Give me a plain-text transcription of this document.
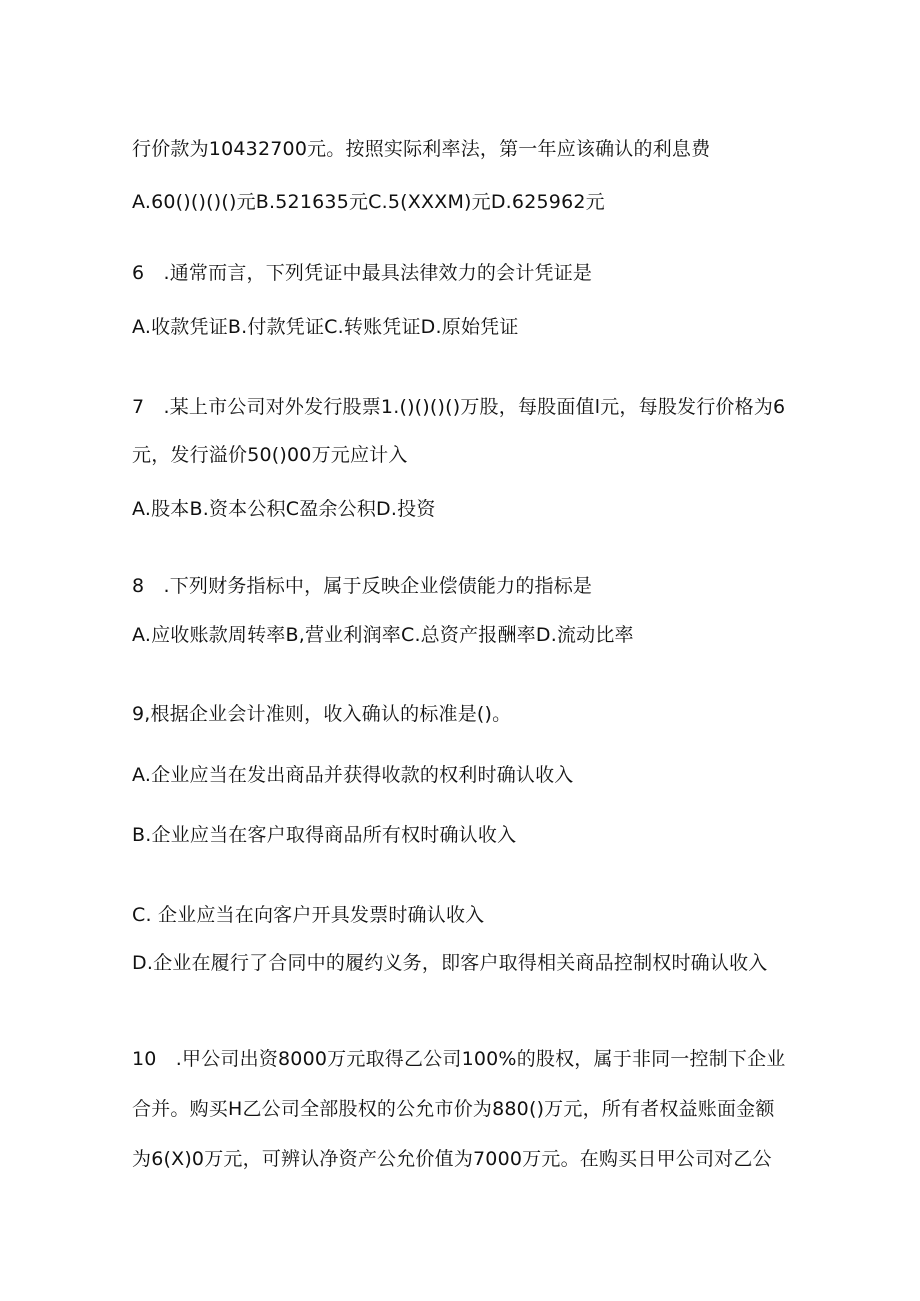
行价款为10432700元。按照实际利率法，第一年应该确认的利息费
A.60()()()()元B.521635元C.5(XXXM)元D.625962元
6　.通常而言，下列凭证中最具法律效力的会计凭证是
A.收款凭证B.付款凭证C.转账凭证D.原始凭证
7　.某上市公司对外发行股票1.()()()()万股，每股面值l元，每股发行价格为6
元，发行溢价50()00万元应计入
A.股本B.资本公积C盈余公积D.投资
8　.下列财务指标中，属于反映企业偿债能力的指标是
A.应收账款周转率B,营业利润率C.总资产报酬率D.流动比率
9,根据企业会计准则，收入确认的标准是()。
A.企业应当在发出商品并获得收款的权利时确认收入
B.企业应当在客户取得商品所有权时确认收入
C. 企业应当在向客户开具发票时确认收入
D.企业在履行了合同中的履约义务，即客户取得相关商品控制权时确认收入
10　.甲公司出资8000万元取得乙公司100%的股权，属于非同一控制下企业
合并。购买H乙公司全部股权的公允市价为880()万元，所有者权益账面金额
为6(X)0万元，可辨认净资产公允价值为7000万元。在购买日甲公司对乙公
